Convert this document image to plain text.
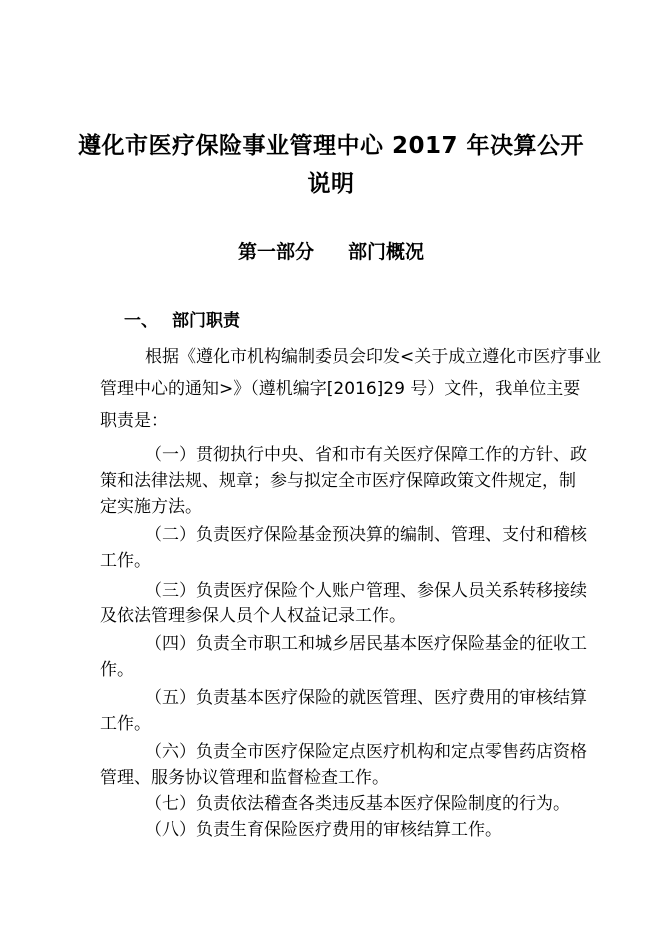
遵化市医疗保险事业管理中心 2017 年决算公开
说明
第一部分 部门概况
一、 部门职责
根据《遵化市机构编制委员会印发<关于成立遵化市医疗事业
管理中心的通知>》（遵机编字[2016]29 号）文件，我单位主要
职责是：
（一）贯彻执行中央、省和市有关医疗保障工作的方针、政
策和法律法规、规章；参与拟定全市医疗保障政策文件规定，制
定实施方法。
（二）负责医疗保险基金预决算的编制、管理、支付和稽核
工作。
（三）负责医疗保险个人账户管理、参保人员关系转移接续
及依法管理参保人员个人权益记录工作。
（四）负责全市职工和城乡居民基本医疗保险基金的征收工
作。
（五）负责基本医疗保险的就医管理、医疗费用的审核结算
工作。
（六）负责全市医疗保险定点医疗机构和定点零售药店资格
管理、服务协议管理和监督检查工作。
（七）负责依法稽查各类违反基本医疗保险制度的行为。
（八）负责生育保险医疗费用的审核结算工作。
